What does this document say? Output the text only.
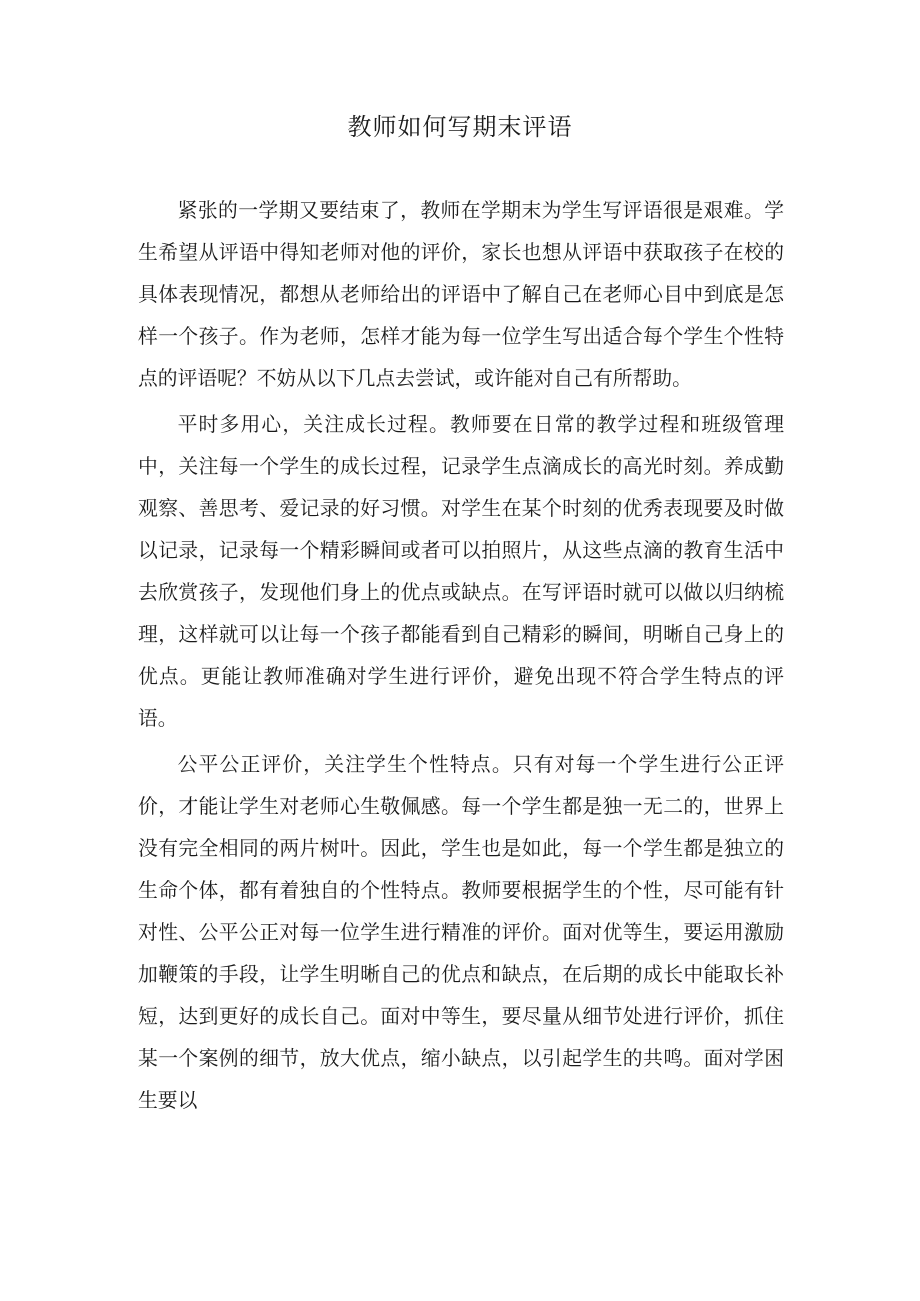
教师如何写期末评语

紧张的一学期又要结束了，教师在学期末为学生写评语很是艰难。学生希望从评语中得知老师对他的评价，家长也想从评语中获取孩子在校的具体表现情况，都想从老师给出的评语中了解自己在老师心目中到底是怎样一个孩子。作为老师，怎样才能为每一位学生写出适合每个学生个性特点的评语呢？不妨从以下几点去尝试，或许能对自己有所帮助。

平时多用心，关注成长过程。教师要在日常的教学过程和班级管理中，关注每一个学生的成长过程，记录学生点滴成长的高光时刻。养成勤观察、善思考、爱记录的好习惯。对学生在某个时刻的优秀表现要及时做以记录，记录每一个精彩瞬间或者可以拍照片，从这些点滴的教育生活中去欣赏孩子，发现他们身上的优点或缺点。在写评语时就可以做以归纳梳理，这样就可以让每一个孩子都能看到自己精彩的瞬间，明晰自己身上的优点。更能让教师准确对学生进行评价，避免出现不符合学生特点的评语。

公平公正评价，关注学生个性特点。只有对每一个学生进行公正评价，才能让学生对老师心生敬佩感。每一个学生都是独一无二的，世界上没有完全相同的两片树叶。因此，学生也是如此，每一个学生都是独立的生命个体，都有着独自的个性特点。教师要根据学生的个性，尽可能有针对性、公平公正对每一位学生进行精准的评价。面对优等生，要运用激励加鞭策的手段，让学生明晰自己的优点和缺点，在后期的成长中能取长补短，达到更好的成长自己。面对中等生，要尽量从细节处进行评价，抓住某一个案例的细节，放大优点，缩小缺点，以引起学生的共鸣。面对学困生要以
